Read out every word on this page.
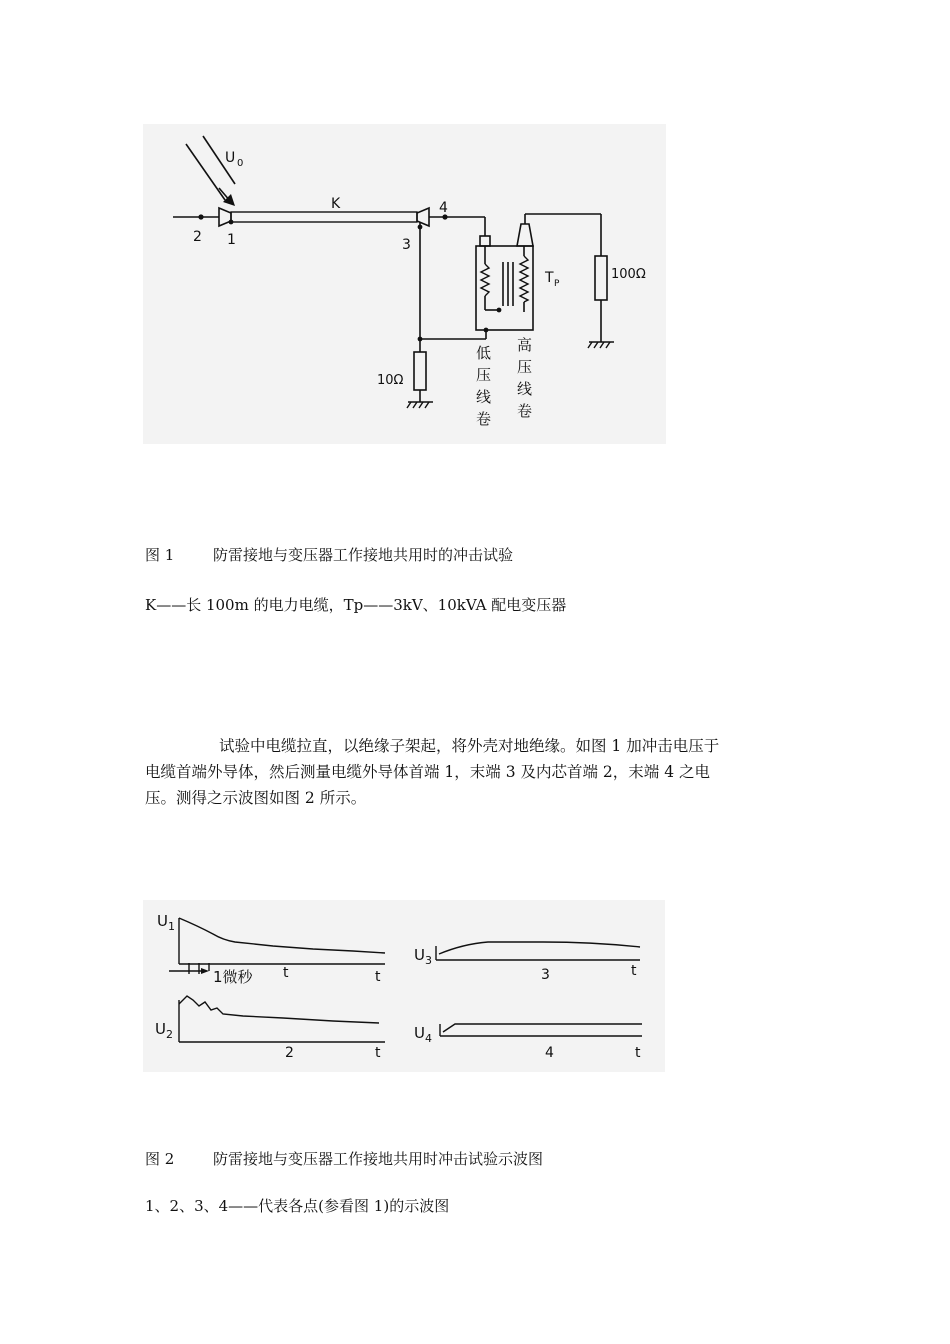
U 0
K
2 1	3
4
T P
100Ω
10Ω
低
压
线
卷
高
压
线
卷
图 1	防雷接地与变压器工作接地共用时的冲击试验
K——长 100m 的电力电缆，Tp——3kV、10kVA 配电变压器
试验中电缆拉直，以绝缘子架起，将外壳对地绝缘。如图 1 加冲击电压于
电缆首端外导体，然后测量电缆外导体首端 1，末端 3 及内芯首端 2，末端 4 之电
压。测得之示波图如图 2 所示。
U 1
U 2
U 3
U 4
1微秒 t	t
2	t
3	t
4	t
图 2	防雷接地与变压器工作接地共用时冲击试验示波图
1、2、3、4——代表各点(参看图 1)的示波图
